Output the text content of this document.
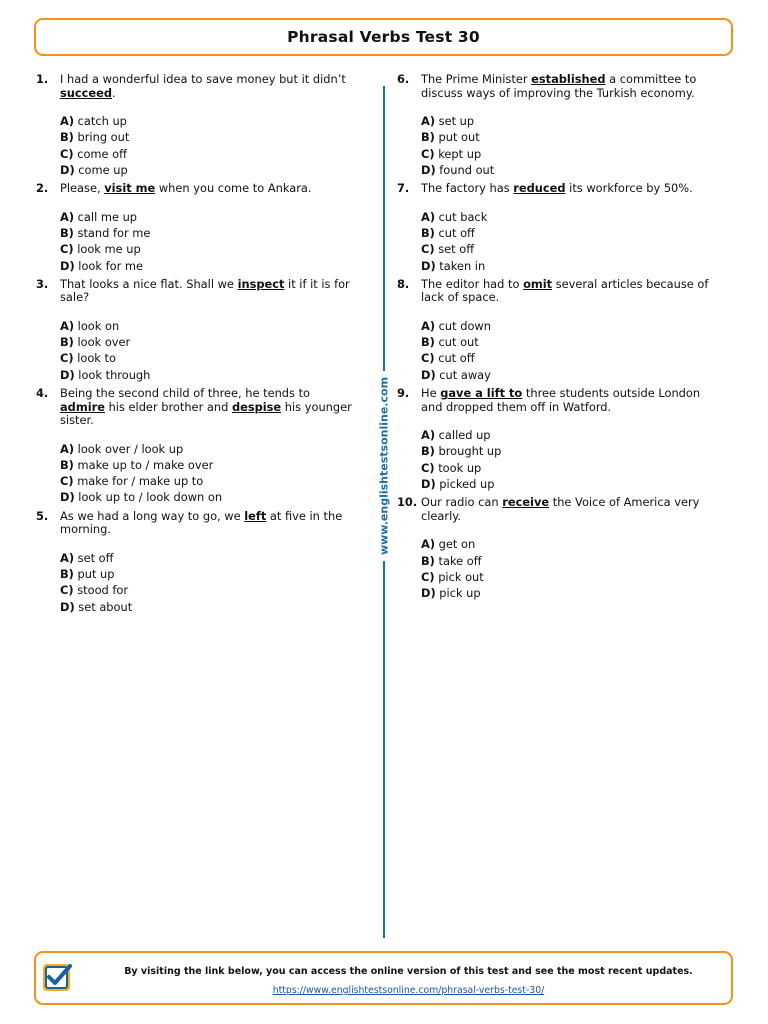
Phrasal Verbs Test 30
1.	I had a wonderful idea to save money but it didn’t succeed.
A) catch up
B) bring out
C) come off
D) come up
2.	Please, visit me when you come to Ankara.
A) call me up
B) stand for me
C) look me up
D) look for me
3.	That looks a nice flat. Shall we inspect it if it is for sale?
A) look on
B) look over
C) look to
D) look through
4.	Being the second child of three, he tends to admire his elder brother and despise his younger sister.
A) look over / look up
B) make up to / make over
C) make for / make up to
D) look up to / look down on
5.	As we had a long way to go, we left at five in the morning.
A) set off
B) put up
C) stood for
D) set about
6.	The Prime Minister established a committee to discuss ways of improving the Turkish economy.
A) set up
B) put out
C) kept up
D) found out
7.	The factory has reduced its workforce by 50%.
A) cut back
B) cut off
C) set off
D) taken in
8.	The editor had to omit several articles because of lack of space.
A) cut down
B) cut out
C) cut off
D) cut away
9.	He gave a lift to three students outside London and dropped them off in Watford.
A) called up
B) brought up
C) took up
D) picked up
10. Our radio can receive the Voice of America very clearly.
A) get on
B) take off
C) pick out
D) pick up
www.englishtestsonline.com
By visiting the link below, you can access the online version of this test and see the most recent updates.
https://www.englishtestsonline.com/phrasal-verbs-test-30/
